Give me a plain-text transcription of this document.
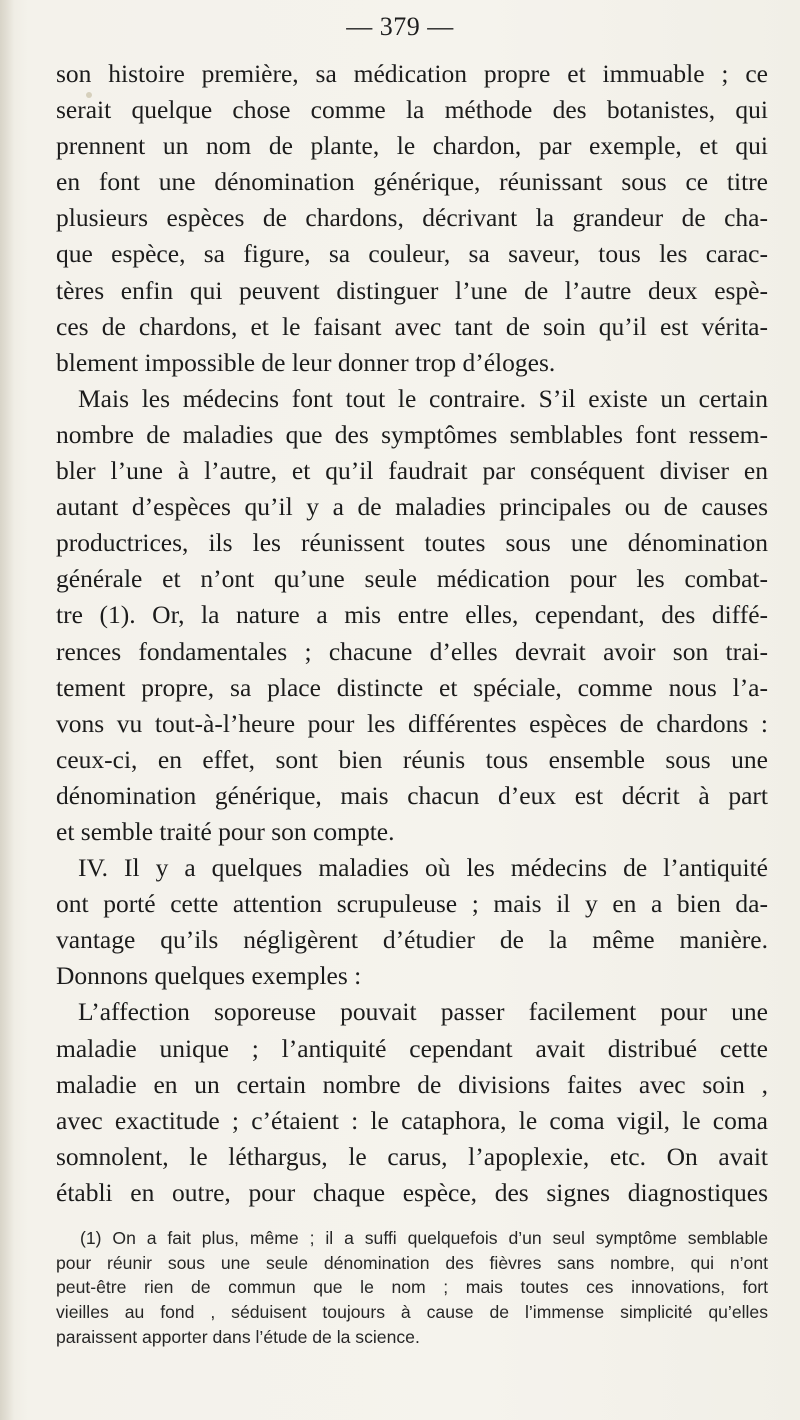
— 379 —
son histoire première, sa médication propre et immuable ; ce
serait quelque chose comme la méthode des botanistes, qui
prennent un nom de plante, le chardon, par exemple, et qui
en font une dénomination générique, réunissant sous ce titre
plusieurs espèces de chardons, décrivant la grandeur de cha-
que espèce, sa figure, sa couleur, sa saveur, tous les carac-
tères enfin qui peuvent distinguer l’une de l’autre deux espè-
ces de chardons, et le faisant avec tant de soin qu’il est vérita-
blement impossible de leur donner trop d’éloges.
Mais les médecins font tout le contraire. S’il existe un certain
nombre de maladies que des symptômes semblables font ressem-
bler l’une à l’autre, et qu’il faudrait par conséquent diviser en
autant d’espèces qu’il y a de maladies principales ou de causes
productrices, ils les réunissent toutes sous une dénomination
générale et n’ont qu’une seule médication pour les combat-
tre (1). Or, la nature a mis entre elles, cependant, des diffé-
rences fondamentales ; chacune d’elles devrait avoir son trai-
tement propre, sa place distincte et spéciale, comme nous l’a-
vons vu tout-à-l’heure pour les différentes espèces de chardons :
ceux-ci, en effet, sont bien réunis tous ensemble sous une
dénomination générique, mais chacun d’eux est décrit à part
et semble traité pour son compte.
IV. Il y a quelques maladies où les médecins de l’antiquité
ont porté cette attention scrupuleuse ; mais il y en a bien da-
vantage qu’ils négligèrent d’étudier de la même manière.
Donnons quelques exemples :
L’affection soporeuse pouvait passer facilement pour une
maladie unique ; l’antiquité cependant avait distribué cette
maladie en un certain nombre de divisions faites avec soin ,
avec exactitude ; c’étaient : le cataphora, le coma vigil, le coma
somnolent, le léthargus, le carus, l’apoplexie, etc. On avait
établi en outre, pour chaque espèce, des signes diagnostiques
(1) On a fait plus, même ; il a suffi quelquefois d’un seul symptôme semblable
pour réunir sous une seule dénomination des fièvres sans nombre, qui n’ont
peut-être rien de commun que le nom ; mais toutes ces innovations, fort
vieilles au fond , séduisent toujours à cause de l’immense simplicité qu’elles
paraissent apporter dans l’étude de la science.
